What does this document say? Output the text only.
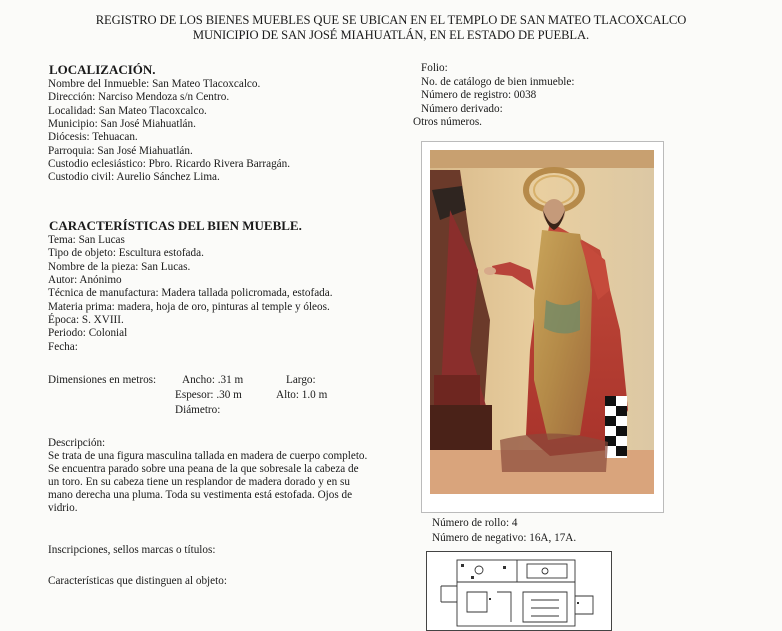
REGISTRO DE LOS BIENES MUEBLES QUE SE UBICAN EN EL TEMPLO DE SAN MATEO TLACOXCALCO
MUNICIPIO DE SAN JOSÉ MIAHUATLÁN, EN EL ESTADO DE PUEBLA.
LOCALIZACIÓN.
Nombre del Inmueble: San Mateo Tlacoxcalco.
Dirección: Narciso Mendoza s/n Centro.
Localidad: San Mateo Tlacoxcalco.
Municipio: San José Miahuatlán.
Diócesis: Tehuacan.
Parroquia: San José Miahuatlán.
Custodio eclesiástico: Pbro. Ricardo Rivera Barragán.
Custodio civil: Aurelio Sánchez Lima.
CARACTERÍSTICAS DEL BIEN MUEBLE.
Tema: San Lucas
Tipo de objeto: Escultura estofada.
Nombre de la pieza: San Lucas.
Autor: Anónimo
Técnica de manufactura: Madera tallada policromada, estofada.
Materia prima: madera, hoja de oro, pinturas al temple y óleos.
Época: S. XVIII.
Periodo: Colonial
Fecha:
Dimensiones en metros: Ancho: .31 m	Largo:
Espesor: .30 m	Alto: 1.0 m
Diámetro:
Descripción:
Se trata de una figura masculina tallada en madera de cuerpo completo.
Se encuentra parado sobre una peana de la que sobresale la cabeza de
un toro. En su cabeza tiene un resplandor de madera dorado y en su
mano derecha una pluma. Toda su vestimenta está estofada. Ojos de
vidrio.
Inscripciones, sellos marcas o títulos:
Características que distinguen al objeto:
Folio:
No. de catálogo de bien inmueble:
Número de registro: 0038
Número derivado:
Otros números.
Número de rollo: 4
Número de negativo: 16A, 17A.
